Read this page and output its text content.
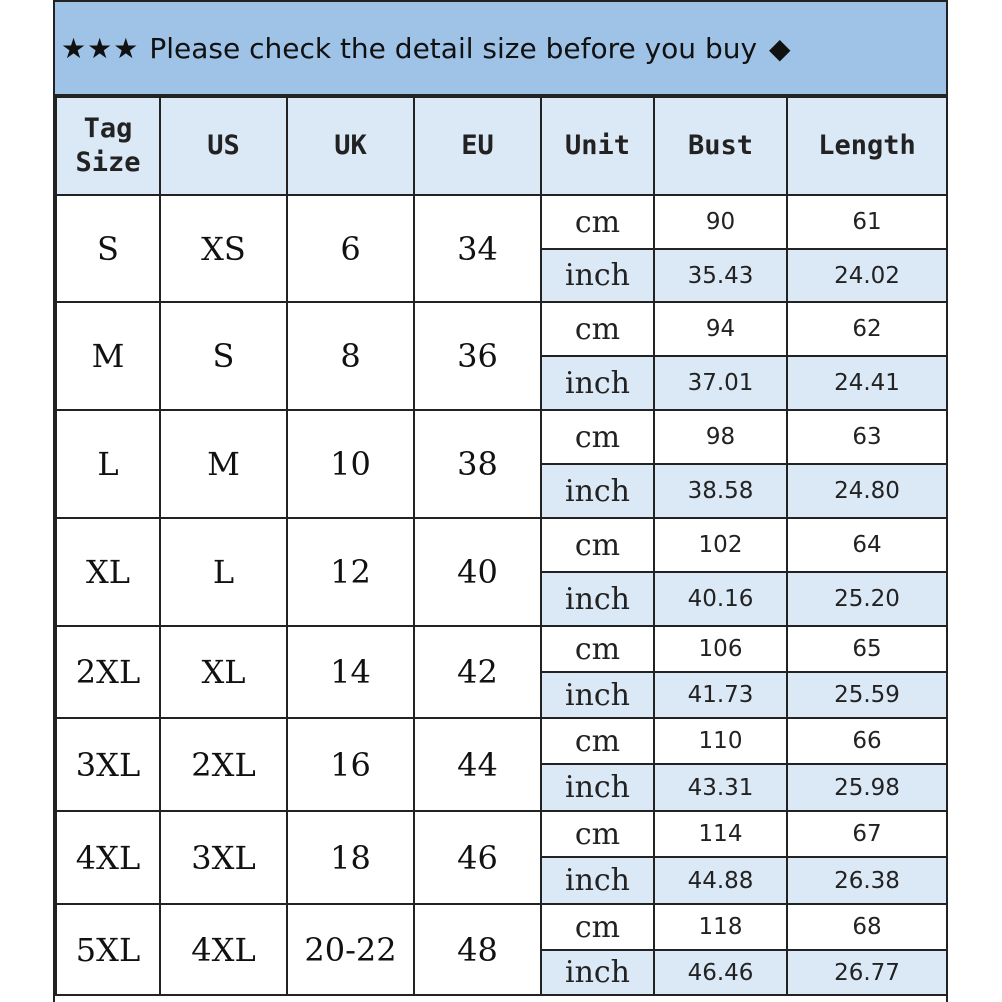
★★★ Please check the detail size before you buy ◆
Tag
Size	US	UK	EU	Unit	Bust	Length
S	XS	6	34	cm	90	61
				inch	35.43	24.02
M	S	8	36	cm	94	62
				inch	37.01	24.41
L	M	10	38	cm	98	63
				inch	38.58	24.80
XL	L	12	40	cm	102	64
				inch	40.16	25.20
2XL	XL	14	42	cm	106	65
				inch	41.73	25.59
3XL	2XL	16	44	cm	110	66
				inch	43.31	25.98
4XL	3XL	18	46	cm	114	67
				inch	44.88	26.38
5XL	4XL	20-22	48	cm	118	68
				inch	46.46	26.77
